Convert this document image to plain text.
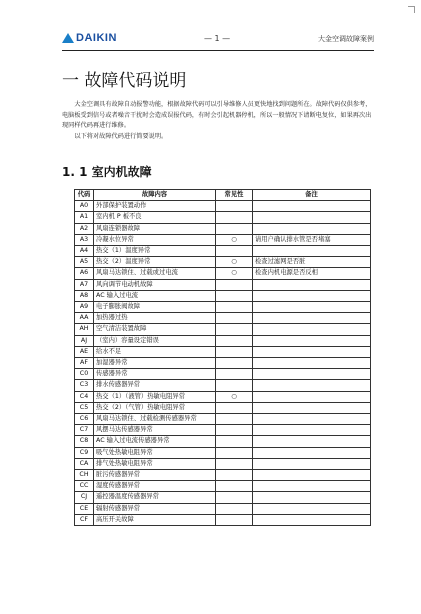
DAIKIN	— 1 —	大金空调故障案例
一 故障代码说明

大金空调具有故障自动报警功能，根据故障代码可以引导维修人员更快地找到问题所在。故障代码仅供参考，电脑板受到信号或者噪音干扰时会造成误报代码，有时会引起机器停机，所以一般情况下请断电复位，如果再次出现同样代码再进行维修。

以下将对故障代码进行简要说明。

1. 1 室内机故障
代码	故障内容	常见性	备注
A0	外部保护装置动作		
A1	室内机 P 板不良		
A2	风扇连锁器故障		
A3	冷凝水位异常	○	请用户确认排水管是否堵塞
A4	热交（1）温度异常		
A5	热交（2）温度异常	○	检查过滤网是否脏
A6	风扇马达锁住、过载或过电流	○	检查内机电源是否反相
A7	风向调节电动机故障		
A8	AC 输入过电流		
A9	电子膨胀阀故障		
AA	加热器过热		
AH	空气清洁装置故障		
AJ	（室内）容量设定错误		
AE	给水不足		
AF	加湿器异常		
C0	传感器异常		
C3	排水传感器异常		
C4	热交（1）（液管）热敏电阻异常	○	
C5	热交（2）（气管）热敏电阻异常		
C6	风扇马达锁住、过载检测传感器异常		
C7	风摆马达传感器异常		
C8	AC 输入过电流传感器异常		
C9	吸气处热敏电阻异常		
CA	排气处热敏电阻异常		
CH	脏污传感器异常		
CC	湿度传感器异常		
CJ	遥控器温度传感器异常		
CE	辐射传感器异常		
CF	高压开关故障		
